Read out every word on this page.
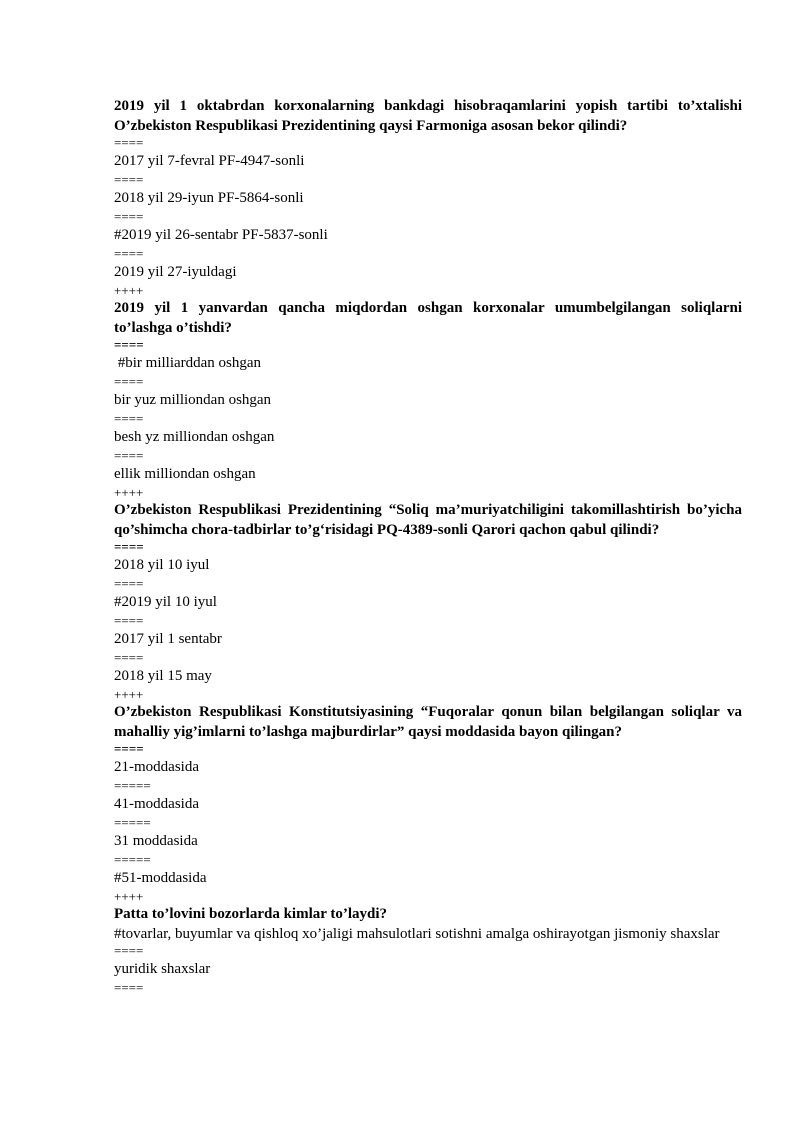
2019 yil 1 oktabrdan korxonalarning bankdagi hisobraqamlarini yopish tartibi to’xtalishi O’zbekiston Respublikasi Prezidentining qaysi Farmoniga asosan bekor qilindi?

====

2017 yil 7-fevral PF-4947-sonli

====

2018 yil 29-iyun PF-5864-sonli

====

#2019 yil 26-sentabr PF-5837-sonli

====

2019 yil 27-iyuldagi

++++

2019 yil 1 yanvardan qancha miqdordan oshgan korxonalar umumbelgilangan soliqlarni to’lashga o’tishdi?

====

#bir milliarddan oshgan

====

bir yuz milliondan oshgan

====

besh yz milliondan oshgan

====

ellik milliondan oshgan

++++

O’zbekiston Respublikasi Prezidentining “Soliq ma’muriyatchiligini takomillashtirish bo’yicha qo’shimcha chora-tadbirlar to’g‘risidagi PQ-4389-sonli Qarori qachon qabul qilindi?

====

2018 yil 10 iyul

====

#2019 yil 10 iyul

====

2017 yil 1 sentabr

====

2018 yil 15 may

++++

O’zbekiston Respublikasi Konstitutsiyasining “Fuqoralar qonun bilan belgilangan soliqlar va mahalliy yig’imlarni to’lashga majburdirlar” qaysi moddasida bayon qilingan?

====

21-moddasida

=====

41-moddasida

=====

31 moddasida

=====

#51-moddasida

++++

Patta to’lovini bozorlarda kimlar to’laydi?

#tovarlar, buyumlar va qishloq xo’jaligi mahsulotlari sotishni amalga oshirayotgan jismoniy shaxslar

====

yuridik shaxslar

====
